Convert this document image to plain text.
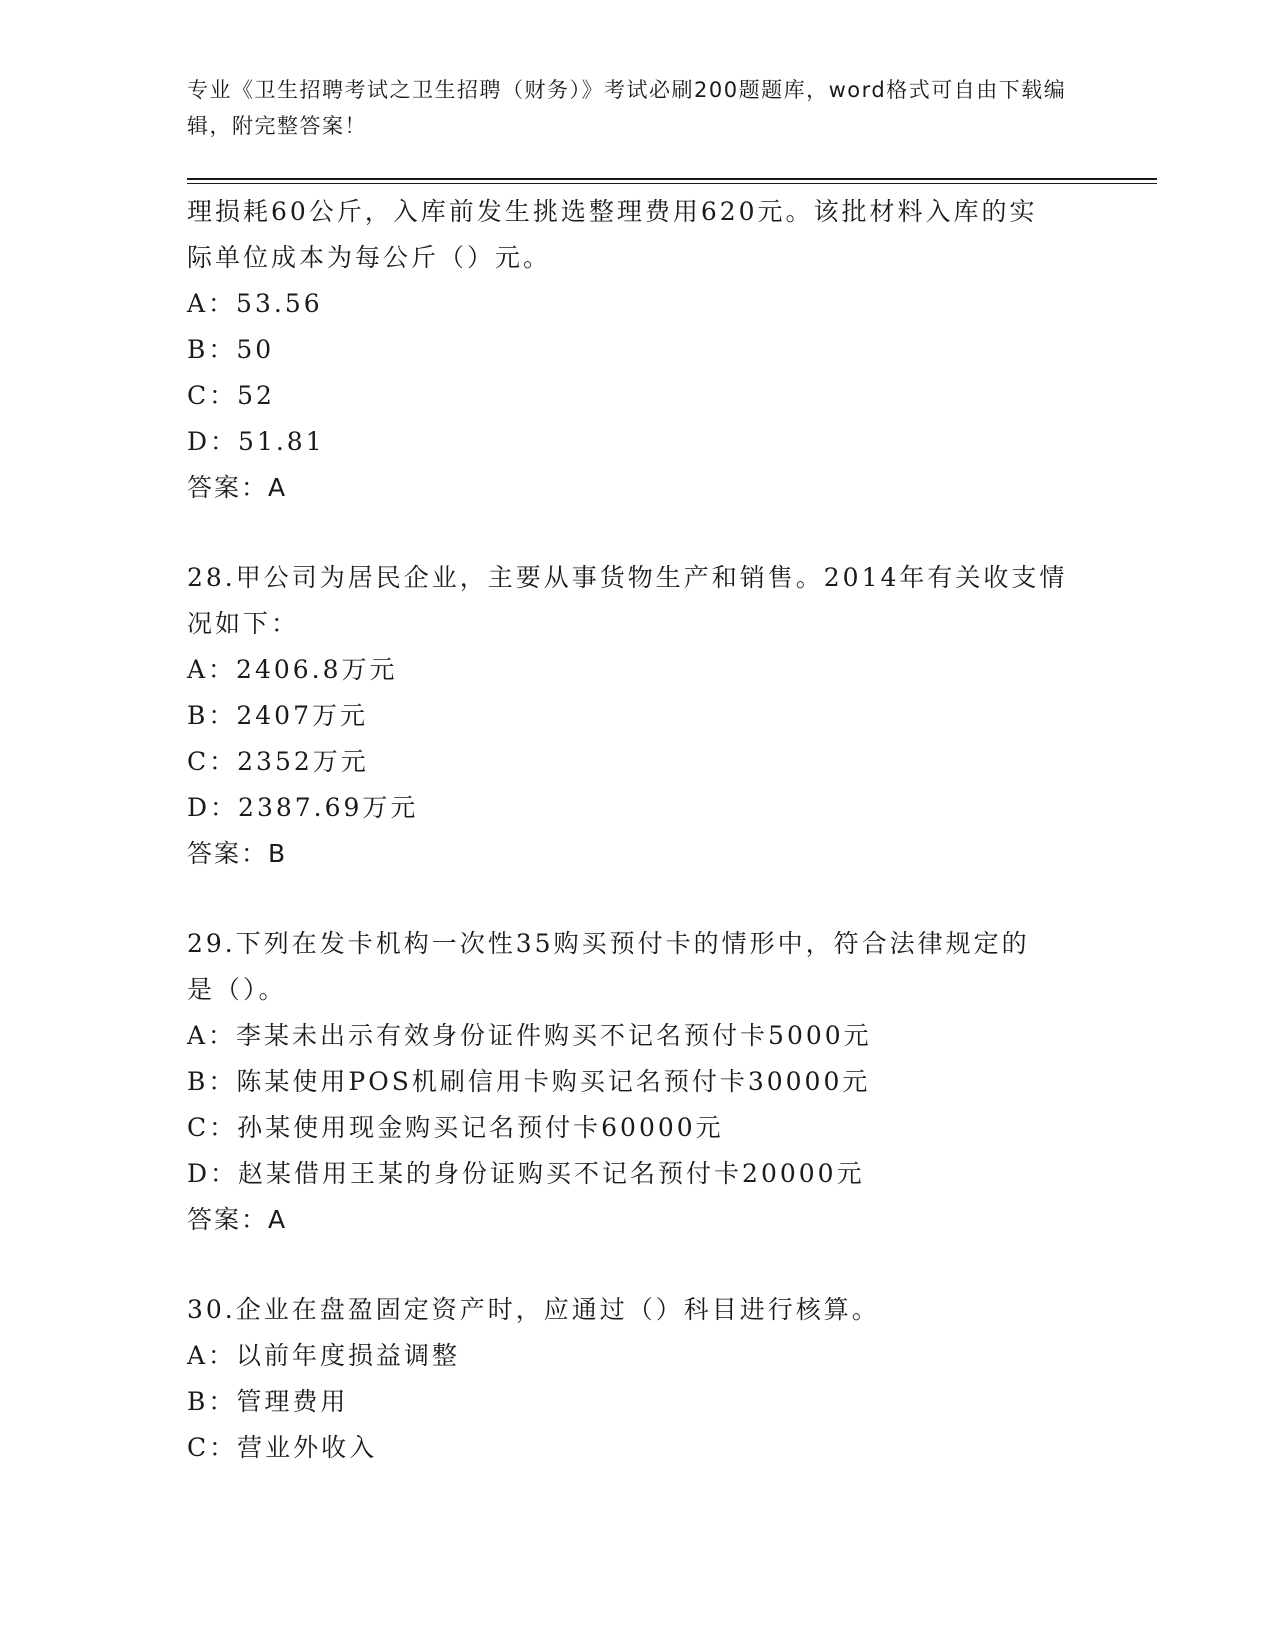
专业《卫生招聘考试之卫生招聘（财务）》考试必刷200题题库，word格式可自由下载编辑，附完整答案！

理损耗60公斤，入库前发生挑选整理费用620元。该批材料入库的实

际单位成本为每公斤（）元。

A：53.56

B：50

C：52

D：51.81

答案：A

28.甲公司为居民企业，主要从事货物生产和销售。2014年有关收支情

况如下：

A：2406.8万元

B：2407万元

C：2352万元

D：2387.69万元

答案：B

29.下列在发卡机构一次性35购买预付卡的情形中，符合法律规定的

是（）。

A：李某未出示有效身份证件购买不记名预付卡5000元

B：陈某使用POS机刷信用卡购买记名预付卡30000元

C：孙某使用现金购买记名预付卡60000元

D：赵某借用王某的身份证购买不记名预付卡20000元

答案：A

30.企业在盘盈固定资产时，应通过（）科目进行核算。

A：以前年度损益调整

B：管理费用

C：营业外收入
